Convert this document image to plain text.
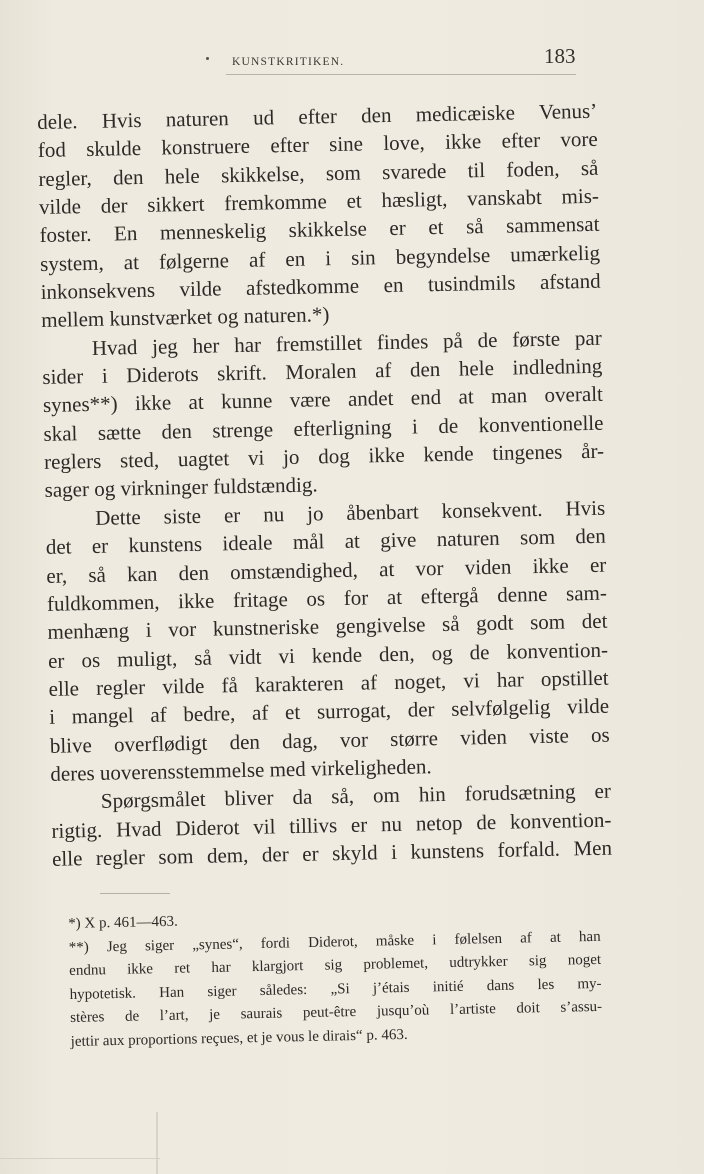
KUNSTKRITIKEN.	183
dele. Hvis naturen ud efter den medicæiske Venus’
fod skulde konstruere efter sine love, ikke efter vore
regler, den hele skikkelse, som svarede til foden, så
vilde der sikkert fremkomme et hæsligt, vanskabt mis-
foster. En menneskelig skikkelse er et så sammensat
system, at følgerne af en i sin begyndelse umærkelig
inkonsekvens vilde afstedkomme en tusindmils afstand
mellem kunstværket og naturen.*)
Hvad jeg her har fremstillet findes på de første par
sider i Diderots skrift. Moralen af den hele indledning
synes**) ikke at kunne være andet end at man overalt
skal sætte den strenge efterligning i de konventionelle
reglers sted, uagtet vi jo dog ikke kende tingenes år-
sager og virkninger fuldstændig.
Dette siste er nu jo åbenbart konsekvent. Hvis
det er kunstens ideale mål at give naturen som den
er, så kan den omstændighed, at vor viden ikke er
fuldkommen, ikke fritage os for at eftergå denne sam-
menhæng i vor kunstneriske gengivelse så godt som det
er os muligt, så vidt vi kende den, og de konvention-
elle regler vilde få karakteren af noget, vi har opstillet
i mangel af bedre, af et surrogat, der selvfølgelig vilde
blive overflødigt den dag, vor større viden viste os
deres uoverensstemmelse med virkeligheden.
Spørgsmålet bliver da så, om hin forudsætning er
rigtig. Hvad Diderot vil tillivs er nu netop de konvention-
elle regler som dem, der er skyld i kunstens forfald. Men
*) X p. 461—463.
**) Jeg siger „synes“, fordi Diderot, måske i følelsen af at han
endnu ikke ret har klargjort sig problemet, udtrykker sig noget
hypotetisk. Han siger således: „Si j’étais initié dans les my-
stères de l’art, je saurais peut-être jusqu’où l’artiste doit s’assu-
jettir aux proportions reçues, et je vous le dirais“ p. 463.
